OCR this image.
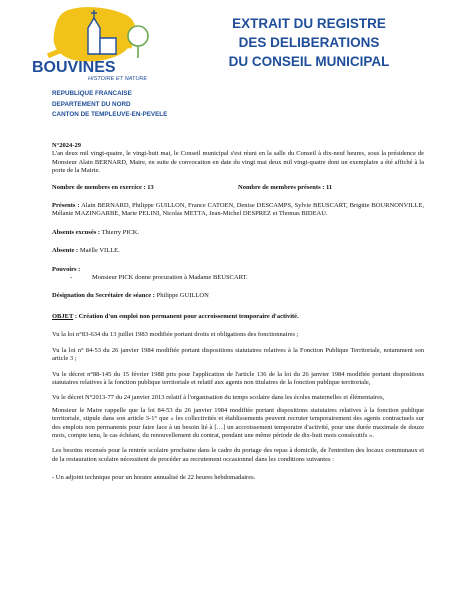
BOUVINES
HISTOIRE ET NATURE
EXTRAIT DU REGISTRE
DES DELIBERATIONS
DU CONSEIL MUNICIPAL
REPUBLIQUE FRANCAISE
DEPARTEMENT DU NORD
CANTON DE TEMPLEUVE-EN-PEVELE

N°2024-29

L'an deux mil vingt-quatre, le vingt-huit mai, le Conseil municipal s'est réuni en la salle du Conseil à dix-neuf heures, sous la présidence de Monsieur Alain BERNARD, Maire, en suite de convocation en date du vingt mai deux mil vingt-quatre dont un exemplaire a été affiché à la porte de la Mairie.

Nombre de membres en exercice : 13	Nombre de membres présents : 11

Présents : Alain BERNARD, Philippe GUILLON, France CATOEN, Denise DESCAMPS, Sylvie BEUSCART, Brigitte BOURNONVILLE, Mélanie MAZINGARBE, Marie PELINI, Nicolas METTA, Jean-Michel DESPREZ et Thomas BIDEAU.

Absents excusés : Thierry PICK.

Absente : Maëlle VILLE.

Pouvoirs :

-	Monsieur PICK donne procuration à Madame BEUSCART.

Désignation du Secrétaire de séance : Philippe GUILLON

OBJET : Création d'un emploi non permanent pour accroissement temporaire d'activité.

Vu la loi n°83-634 du 13 juillet 1983 modifiée portant droits et obligations des fonctionnaires ;

Vu la loi n° 84-53 du 26 janvier 1984 modifiée portant dispositions statutaires relatives à la Fonction Publique Territoriale, notamment son article 3 ;

Vu le décret n°88-145 du 15 février 1988 pris pour l'application de l'article 136 de la loi du 26 janvier 1984 modifiée portant dispositions statutaires relatives à la fonction publique territoriale et relatif aux agents non titulaires de la fonction publique territoriale,

Vu le décret N°2013-77 du 24 janvier 2013 relatif à l'organisation du temps scolaire dans les écoles maternelles et élémentaires,

Monsieur le Maire rappelle que la loi 84-53 du 26 janvier 1984 modifiée portant dispositions statutaires relatives à la fonction publique territoriale, stipule dans son article 3-1° que « les collectivités et établissements peuvent recruter temporairement des agents contractuels sur des emplois non permanents pour faire face à un besoin lié à […] un accroissement temporaire d'activité, pour une durée maximale de douze mois, compte tenu, le cas échéant, du renouvellement du contrat, pendant une même période de dix-huit mois consécutifs ».

Les besoins recensés pour la rentrée scolaire prochaine dans le cadre du portage des repas à domicile, de l'entretien des locaux communaux et de la restauration scolaire nécessitent de procéder au recrutement occasionnel dans les conditions suivantes :

- Un adjoint technique pour un horaire annualisé de 22 heures hebdomadaires.
